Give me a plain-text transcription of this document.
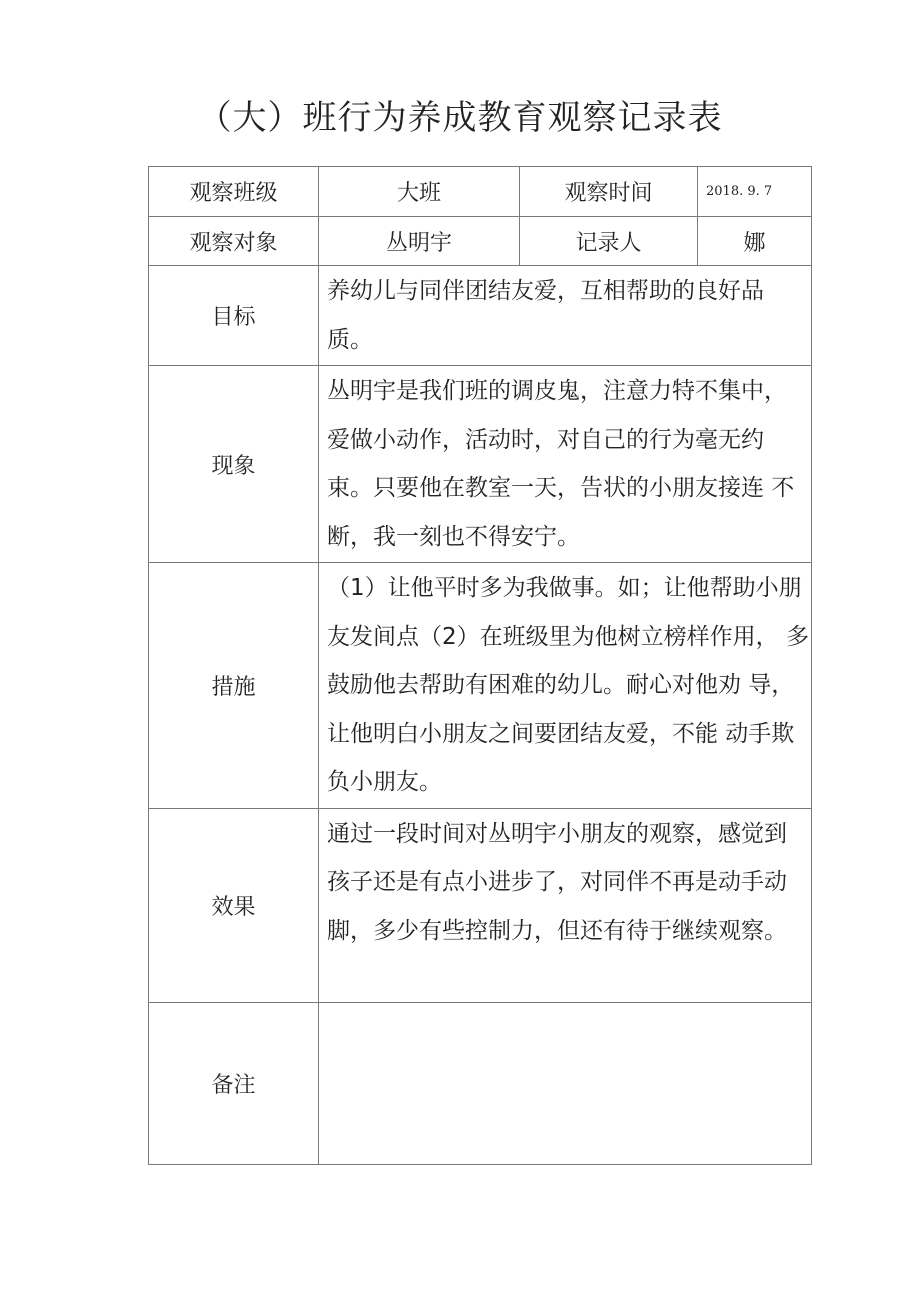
（大）班行为养成教育观察记录表
观察班级	大班	观察时间	2018. 9. 7
观察对象	丛明宇	记录人	娜
目标	养幼儿与同伴团结友爱，互相帮助的良好品质。		
现象	丛明宇是我们班的调皮鬼，注意力特不集中， 爱做小动作，活动时，对自己的行为毫无约 束。只要他在教室一天，告状的小朋友接连 不断，我一刻也不得安宁。		
措施	（1）让他平时多为我做事。如；让他帮助小朋友发间点（2）在班级里为他树立榜样作用， 多鼓励他去帮助有困难的幼儿。耐心对他劝 导，让他明白小朋友之间要团结友爱，不能 动手欺负小朋友。		
效果	通过一段时间对丛明宇小朋友的观察，感觉到孩子还是有点小进步了，对同伴不再是动手动脚，多少有些控制力，但还有待于继续观察。		
备注			
